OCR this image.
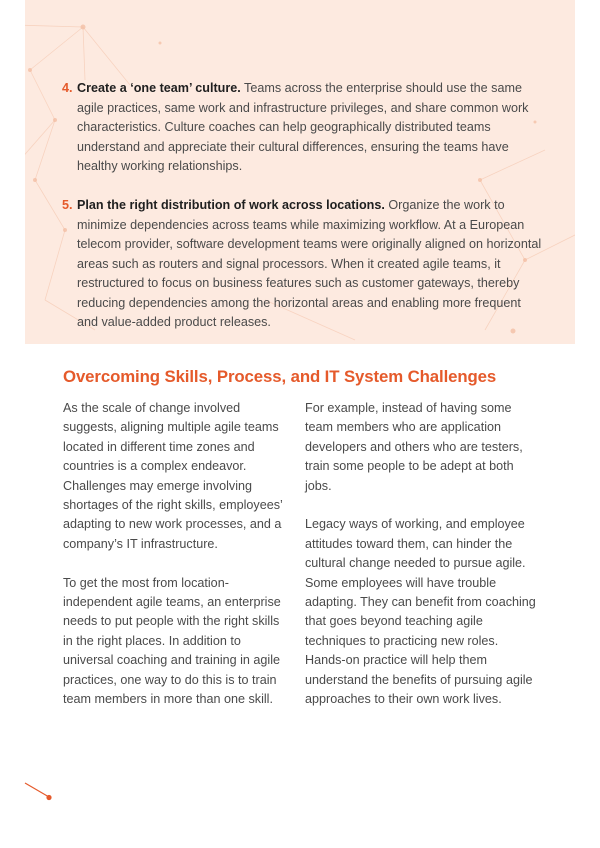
4. Create a ‘one team’ culture. Teams across the enterprise should use the same agile practices, same work and infrastructure privileges, and share common work characteristics. Culture coaches can help geographically distributed teams understand and appreciate their cultural differences, ensuring the teams have healthy working relationships.
5. Plan the right distribution of work across locations. Organize the work to minimize dependencies across teams while maximizing workflow. At a European telecom provider, software development teams were originally aligned on horizontal areas such as routers and signal processors. When it created agile teams, it restructured to focus on business features such as customer gateways, thereby reducing dependencies among the horizontal areas and enabling more frequent and value-added product releases.
Overcoming Skills, Process, and IT System Challenges

As the scale of change involved suggests, aligning multiple agile teams located in different time zones and countries is a complex endeavor. Challenges may emerge involving shortages of the right skills, employees’ adapting to new work processes, and a company’s IT infrastructure.

To get the most from location-independent agile teams, an enterprise needs to put people with the right skills in the right places. In addition to universal coaching and training in agile practices, one way to do this is to train team members in more than one skill.

For example, instead of having some team members who are application developers and others who are testers, train some people to be adept at both jobs.

Legacy ways of working, and employee attitudes toward them, can hinder the cultural change needed to pursue agile. Some employees will have trouble adapting. They can benefit from coaching that goes beyond teaching agile techniques to practicing new roles. Hands-on practice will help them understand the benefits of pursuing agile approaches to their own work lives.
